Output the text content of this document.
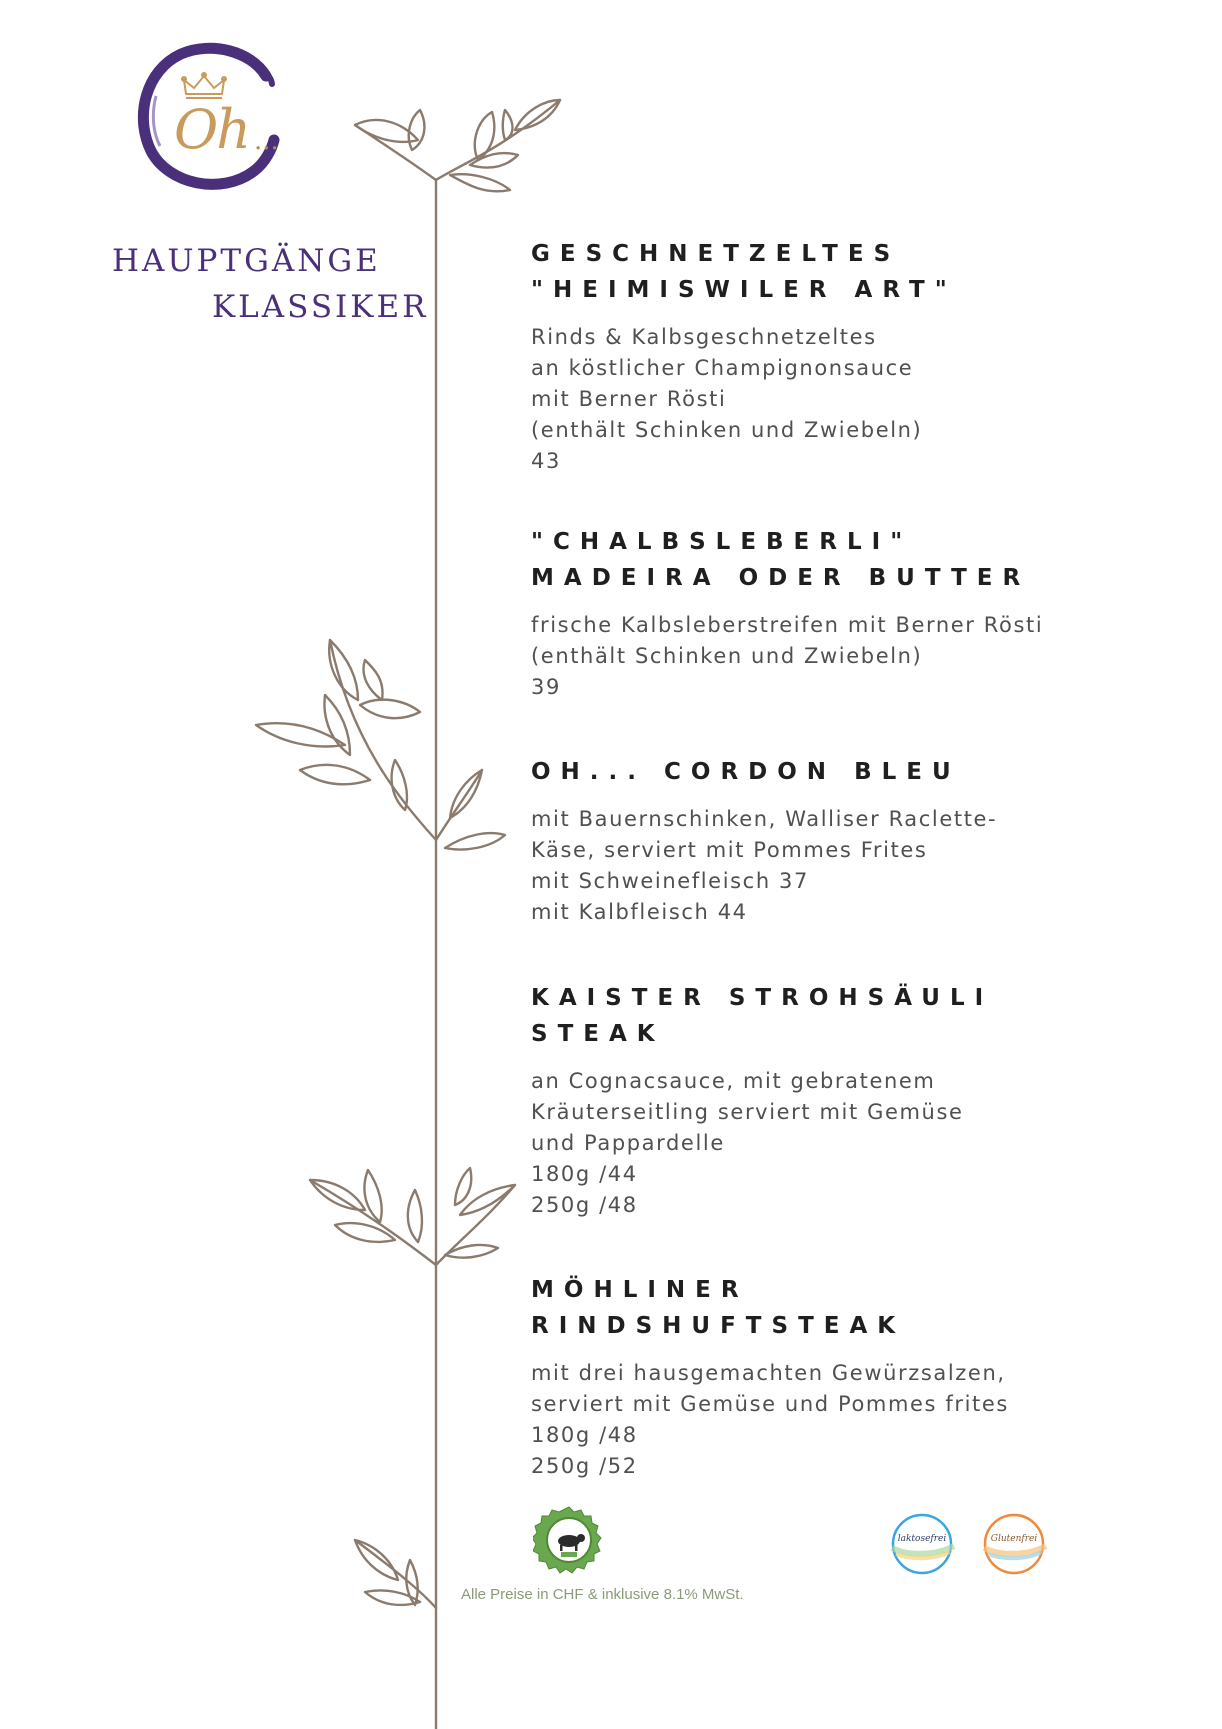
Oh ...
HAUPTGÄNGE
KLASSIKER
GESCHNETZELTES
"HEIMISWILER ART"
Rinds & Kalbsgeschnetzeltes
an köstlicher Champignonsauce
mit Berner Rösti
(enthält Schinken und Zwiebeln)
43
"CHALBSLEBERLI"
MADEIRA ODER BUTTER
frische Kalbsleberstreifen mit Berner Rösti
(enthält Schinken und Zwiebeln)
39
OH... CORDON BLEU
mit Bauernschinken, Walliser Raclette-
Käse, serviert mit Pommes Frites
mit Schweinefleisch 37
mit Kalbfleisch 44
KAISTER STROHSÄULI
STEAK
an Cognacsauce, mit gebratenem
Kräuterseitling serviert mit Gemüse
und Pappardelle
180g /44
250g /48
MÖHLINER
RINDSHUFTSTEAK
mit drei hausgemachten Gewürzsalzen,
serviert mit Gemüse und Pommes frites
180g /48
250g /52
laktosefrei	Glutenfrei
Alle Preise in CHF & inklusive 8.1% MwSt.
